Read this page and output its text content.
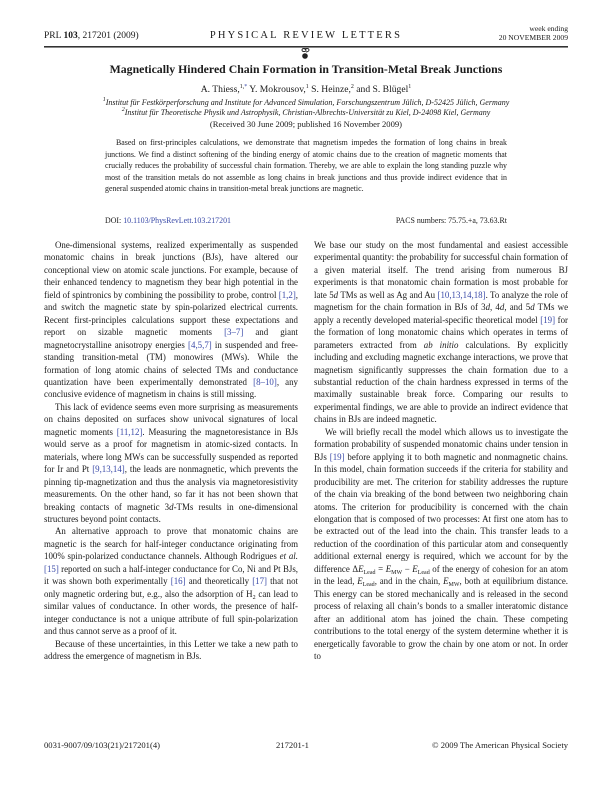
PRL 103, 217201 (2009)	PHYSICAL REVIEW LETTERS
week ending
20 NOVEMBER 2009
Magnetically Hindered Chain Formation in Transition-Metal Break Junctions
A. Thiess,$^{1,*}$ Y. Mokrousov,$^1$ S. Heinze,$^2$ and S. Blügel$^1$
$^1$Institut für Festkörperforschung and Institute for Advanced Simulation, Forschungszentrum Jülich, D-52425 Jülich, Germany
$^2$Institut für Theoretische Physik und Astrophysik, Christian-Albrechts-Universität zu Kiel, D-24098 Kiel, Germany
(Received 30 June 2009; published 16 November 2009)
Based on first-principles calculations, we demonstrate that magnetism impedes the formation of long chains in break junctions. We find a distinct softening of the binding energy of atomic chains due to the creation of magnetic moments that crucially reduces the probability of successful chain formation. Thereby, we are able to explain the long standing puzzle why most of the transition metals do not assemble as long chains in break junctions and thus provide indirect evidence that in general suspended atomic chains in transition-metal break junctions are magnetic.
DOI: 10.1103/PhysRevLett.103.217201	PACS numbers: 75.75.+a, 73.63.Rt

One-dimensional systems, realized experimentally as suspended monatomic chains in break junctions (BJs), have altered our conceptional view on atomic scale junctions. For example, because of their enhanced tendency to magnetism they bear high potential in the field of spintronics by combining the possibility to probe, control [1,2], and switch the magnetic state by spin-polarized electrical currents. Recent first-principles calculations support these expectations and report on sizable magnetic moments [3–7] and giant magnetocrystalline anisotropy energies [4,5,7] in suspended and free-standing transition-metal (TM) monowires (MWs). While the formation of long atomic chains of selected TMs and conductance quantization have been experimentally demonstrated [8–10], any conclusive evidence of magnetism in chains is still missing.

This lack of evidence seems even more surprising as measurements on chains deposited on surfaces show univocal signatures of local magnetic moments [11,12]. Measuring the magnetoresistance in BJs would serve as a proof for magnetism in atomic-sized contacts. In materials, where long MWs can be successfully suspended as reported for Ir and Pt [9,13,14], the leads are nonmagnetic, which prevents the pinning tip-magnetization and thus the analysis via magnetoresistivity measurements. On the other hand, so far it has not been shown that breaking contacts of magnetic 3d-TMs results in one-dimensional structures beyond point contacts.

An alternative approach to prove that monatomic chains are magnetic is the search for half-integer conductance originating from 100% spin-polarized conductance channels. Although Rodrigues et al. [15] reported on such a half-integer conductance for Co, Ni and Pt BJs, it was shown both experimentally [16] and theoretically [17] that not only magnetic ordering but, e.g., also the adsorption of $H_2$ can lead to similar values of conductance. In other words, the presence of half-integer conductance is not a unique attribute of full spin-polarization and thus cannot serve as a proof of it.

Because of these uncertainties, in this Letter we take a new path to address the emergence of magnetism in BJs.

We base our study on the most fundamental and easiest accessible experimental quantity: the probability for successful chain formation of a given material itself. The trend arising from numerous BJ experiments is that monatomic chain formation is most probable for late 5d TMs as well as Ag and Au [10,13,14,18]. To analyze the role of magnetism for the chain formation in BJs of 3d, 4d, and 5d TMs we apply a recently developed material-specific theoretical model [19] for the formation of long monatomic chains which operates in terms of parameters extracted from ab initio calculations. By explicitly including and excluding magnetic exchange interactions, we prove that magnetism significantly suppresses the chain formation due to a substantial reduction of the chain hardness expressed in terms of the maximally sustainable break force. Comparing our results to experimental findings, we are able to provide an indirect evidence that chains in BJs are indeed magnetic.

We will briefly recall the model which allows us to investigate the formation probability of suspended monatomic chains under tension in BJs [19] before applying it to both magnetic and nonmagnetic chains. In this model, chain formation succeeds if the criteria for stability and producibility are met. The criterion for stability addresses the rupture of the chain via breaking of the bond between two neighboring chain atoms. The criterion for producibility is concerned with the chain elongation that is composed of two processes: At first one atom has to be extracted out of the lead into the chain. This transfer leads to a reduction of the coordination of this particular atom and consequently additional external energy is required, which we account for by the difference $\Delta E_{Lead} = E_{MW} - E_{Lead}$ of the energy of cohesion for an atom in the lead, $E_{Lead}$, and in the chain, $E_{MW}$, both at equilibrium distance. This energy can be stored mechanically and is released in the second process of relaxing all chain’s bonds to a smaller interatomic distance after an additional atom has joined the chain. These competing contributions to the total energy of the system determine whether it is energetically favorable to grow the chain by one atom or not. In order to

0031-9007/09/103(21)/217201(4)	217201-1	© 2009 The American Physical Society
